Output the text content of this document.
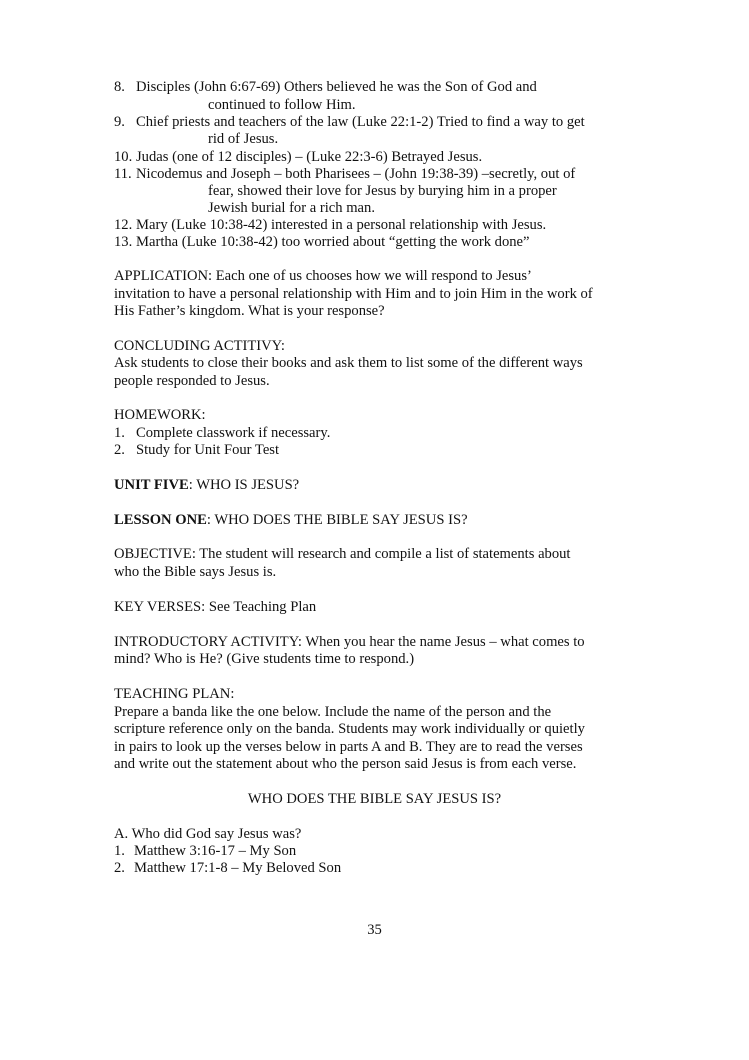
8. Disciples (John 6:67-69) Others believed he was the Son of God and
continued to follow Him.
9. Chief priests and teachers of the law (Luke 22:1-2) Tried to find a way to get
rid of Jesus.
10. Judas (one of 12 disciples) – (Luke 22:3-6) Betrayed Jesus.
11. Nicodemus and Joseph – both Pharisees – (John 19:38-39) –secretly, out of
fear, showed their love for Jesus by burying him in a proper
Jewish burial for a rich man.
12. Mary (Luke 10:38-42) interested in a personal relationship with Jesus.
13. Martha (Luke 10:38-42) too worried about “getting the work done”
APPLICATION: Each one of us chooses how we will respond to Jesus’
invitation to have a personal relationship with Him and to join Him in the work of
His Father’s kingdom. What is your response?
CONCLUDING ACTITIVY:
Ask students to close their books and ask them to list some of the different ways
people responded to Jesus.
HOMEWORK:
1. Complete classwork if necessary.
2. Study for Unit Four Test
UNIT FIVE: WHO IS JESUS?
LESSON ONE: WHO DOES THE BIBLE SAY JESUS IS?
OBJECTIVE: The student will research and compile a list of statements about
who the Bible says Jesus is.
KEY VERSES: See Teaching Plan
INTRODUCTORY ACTIVITY: When you hear the name Jesus – what comes to
mind? Who is He? (Give students time to respond.)
TEACHING PLAN:
Prepare a banda like the one below. Include the name of the person and the
scripture reference only on the banda. Students may work individually or quietly
in pairs to look up the verses below in parts A and B. They are to read the verses
and write out the statement about who the person said Jesus is from each verse.
WHO DOES THE BIBLE SAY JESUS IS?
A. Who did God say Jesus was?
1. Matthew 3:16-17 – My Son
2. Matthew 17:1-8 – My Beloved Son
35
